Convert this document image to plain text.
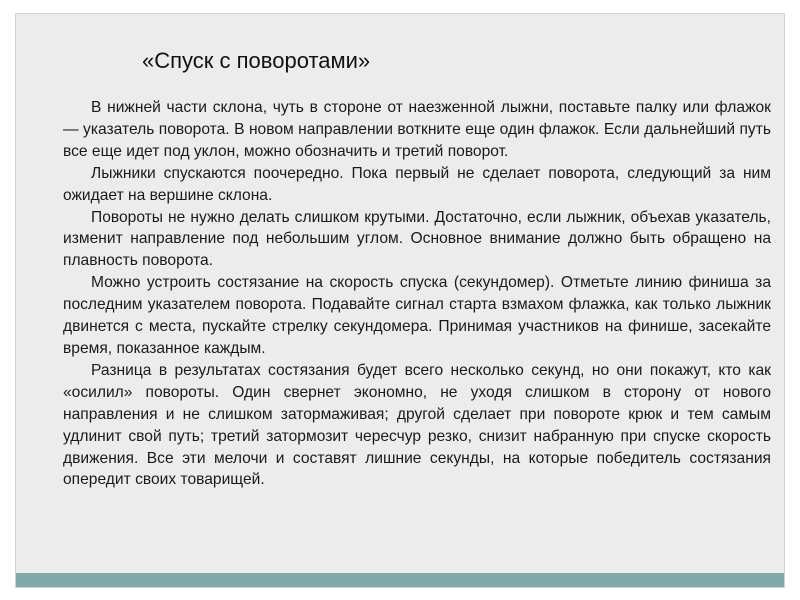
«Спуск с поворотами»

В нижней части склона, чуть в стороне от наезженной лыжни, поставьте палку или флажок — указатель поворота. В новом направлении воткните еще один флажок. Если дальнейший путь все еще идет под уклон, можно обозначить и третий поворот.

Лыжники спускаются поочередно. Пока первый не сделает поворота, следующий за ним ожидает на вершине склона.

Повороты не нужно делать слишком крутыми. Достаточно, если лыжник, объехав указатель, изменит направление под небольшим углом. Основное внимание должно быть обращено на плавность поворота.

Можно устроить состязание на скорость спуска (секундомер). Отметьте линию финиша за последним указателем поворота. Подавайте сигнал старта взмахом флажка, как только лыжник двинется с места, пускайте стрелку секундомера. Принимая участников на финише, засекайте время, показанное каждым.

Разница в результатах состязания будет всего несколько секунд, но они покажут, кто как «осилил» повороты. Один свернет экономно, не уходя слишком в сторону от нового направления и не слишком затормаживая; другой сделает при повороте крюк и тем самым удлинит свой путь; третий затормозит чересчур резко, снизит набранную при спуске скорость движения. Все эти мелочи и составят лишние секунды, на которые победитель состязания опередит своих товарищей.
